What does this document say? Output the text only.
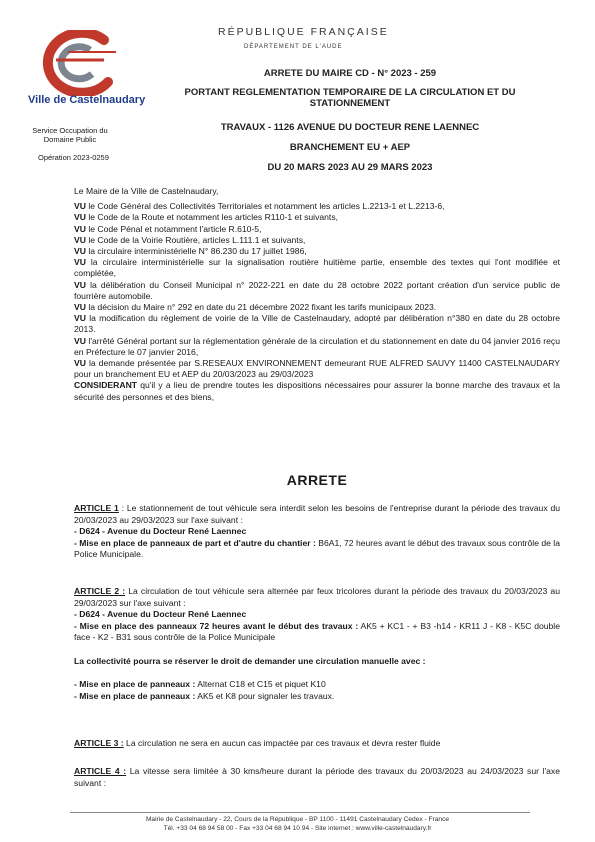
Ville de Castelnaudary
Service Occupation du Domaine Public
Opération 2023-0259
RÉPUBLIQUE FRANÇAISE
DÉPARTEMENT DE L'AUDE
ARRETE DU MAIRE CD - N° 2023 - 259
PORTANT REGLEMENTATION TEMPORAIRE DE LA CIRCULATION ET DU STATIONNEMENT
TRAVAUX - 1126 AVENUE DU DOCTEUR RENE LAENNEC
BRANCHEMENT EU + AEP
DU 20 MARS 2023 AU 29 MARS 2023

Le Maire de la Ville de Castelnaudary,

VU le Code Général des Collectivités Territoriales et notamment les articles L.2213-1 et L.2213-6,

VU le Code de la Route et notamment les articles R110-1 et suivants,

VU le Code Pénal et notamment l'article R.610-5,

VU le Code de la Voirie Routière, articles L.111.1 et suivants,

VU la circulaire interministérielle N° 86.230 du 17 juillet 1986,

VU la circulaire interministérielle sur la signalisation routière huitième partie, ensemble des textes qui l'ont modifiée et complétée,

VU la délibération du Conseil Municipal n° 2022-221 en date du 28 octobre 2022 portant création d'un service public de fourrière automobile.

VU la décision du Maire n° 292 en date du 21 décembre 2022 fixant les tarifs municipaux 2023.

VU la modification du règlement de voirie de la Ville de Castelnaudary, adopté par délibération n°380 en date du 28 octobre 2013.

VU l'arrêté Général portant sur la réglementation générale de la circulation et du stationnement en date du 04 janvier 2016 reçu en Préfecture le 07 janvier 2016,

VU la demande présentée par S.RESEAUX ENVIRONNEMENT demeurant RUE ALFRED SAUVY 11400 CASTELNAUDARY pour un branchement EU et AEP du 20/03/2023 au 29/03/2023

CONSIDERANT qu'il y a lieu de prendre toutes les dispositions nécessaires pour assurer la bonne marche des travaux et la sécurité des personnes et des biens,

ARRETE

ARTICLE 1 : Le stationnement de tout véhicule sera interdit selon les besoins de l'entreprise durant la période des travaux du 20/03/2023 au 29/03/2023 sur l'axe suivant :

- D624 - Avenue du Docteur René Laennec

- Mise en place de panneaux de part et d'autre du chantier : B6A1, 72 heures avant le début des travaux sous contrôle de la Police Municipale.

ARTICLE 2 : La circulation de tout véhicule sera alternée par feux tricolores durant la période des travaux du 20/03/2023 au 29/03/2023 sur l'axe suivant :

- D624 - Avenue du Docteur René Laennec

- Mise en place des panneaux 72 heures avant le début des travaux : AK5 + KC1 - + B3 -h14 - KR11 J - K8 - K5C double face - K2 - B31 sous contrôle de la Police Municipale

La collectivité pourra se réserver le droit de demander une circulation manuelle avec :

- Mise en place de panneaux : Alternat C18 et C15 et piquet K10

- Mise en place de panneaux : AK5 et K8 pour signaler les travaux.

ARTICLE 3 : La circulation ne sera en aucun cas impactée par ces travaux et devra rester fluide

ARTICLE 4 : La vitesse sera limitée à 30 kms/heure durant la période des travaux du 20/03/2023 au 24/03/2023 sur l'axe suivant :

Mairie de Castelnaudary - 22, Cours de la République - BP 1100 - 11491 Castelnaudary Cedex - France
Tél. +33 04 68 94 58 00 - Fax +33 04 68 94 10 94 - Site internet : www.ville-castelnaudary.fr
